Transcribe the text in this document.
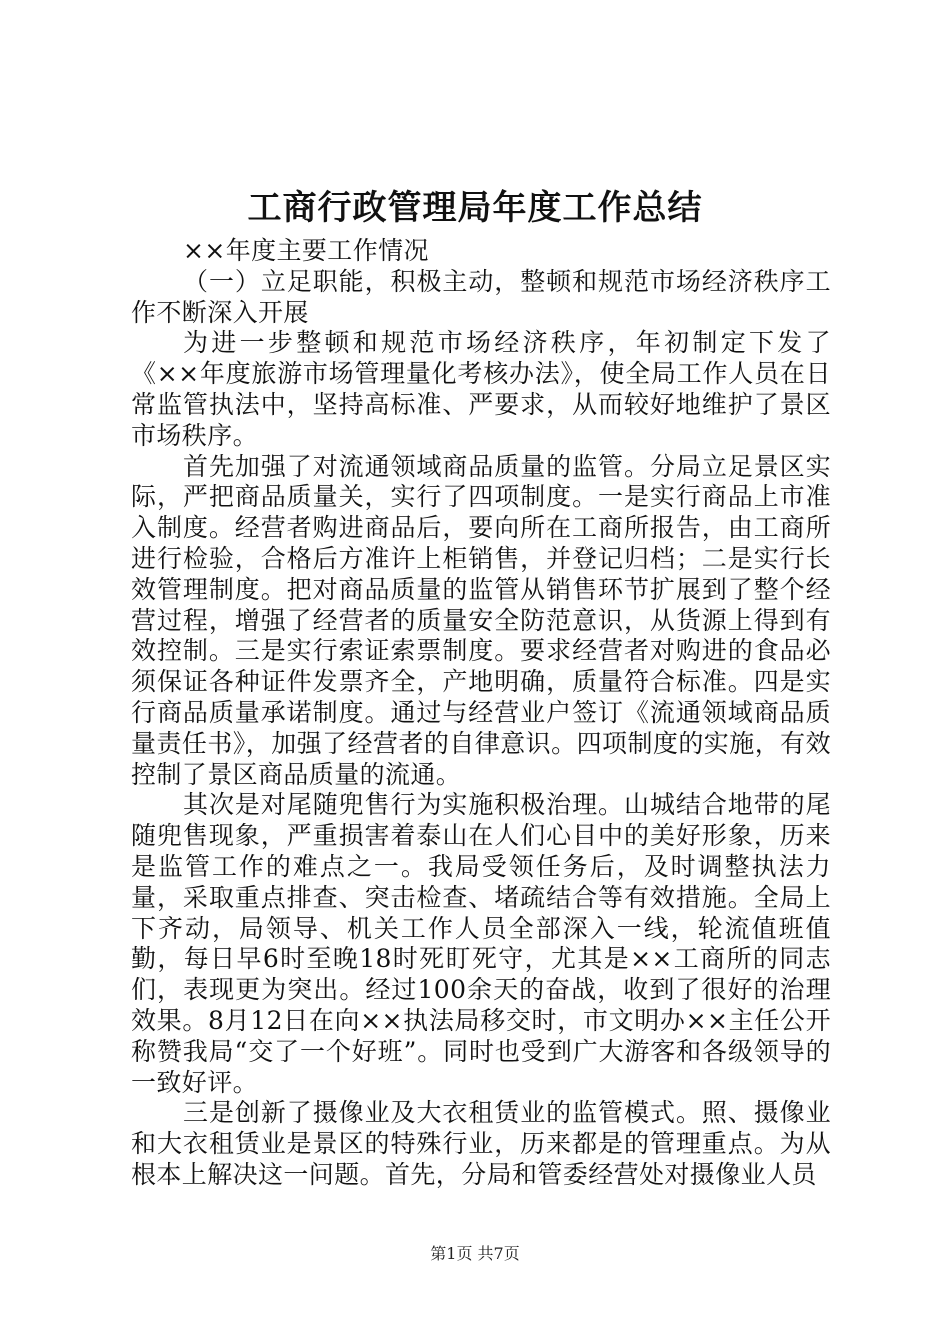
工商行政管理局年度工作总结

××年度主要工作情况

（一）立足职能，积极主动，整顿和规范市场经济秩序工作不断深入开展

为进一步整顿和规范市场经济秩序，年初制定下发了《××年度旅游市场管理量化考核办法》，使全局工作人员在日常监管执法中，坚持高标准、严要求，从而较好地维护了景区市场秩序。

首先加强了对流通领域商品质量的监管。分局立足景区实际，严把商品质量关，实行了四项制度。一是实行商品上市准入制度。经营者购进商品后，要向所在工商所报告，由工商所进行检验，合格后方准许上柜销售，并登记归档；二是实行长效管理制度。把对商品质量的监管从销售环节扩展到了整个经营过程，增强了经营者的质量安全防范意识，从货源上得到有效控制。三是实行索证索票制度。要求经营者对购进的食品必须保证各种证件发票齐全，产地明确，质量符合标准。四是实行商品质量承诺制度。通过与经营业户签订《流通领域商品质量责任书》，加强了经营者的自律意识。四项制度的实施，有效控制了景区商品质量的流通。

其次是对尾随兜售行为实施积极治理。山城结合地带的尾随兜售现象，严重损害着泰山在人们心目中的美好形象，历来是监管工作的难点之一。我局受领任务后，及时调整执法力量，采取重点排查、突击检查、堵疏结合等有效措施。全局上下齐动，局领导、机关工作人员全部深入一线，轮流值班值勤，每日早6时至晚18时死盯死守，尤其是××工商所的同志们，表现更为突出。经过100余天的奋战，收到了很好的治理效果。8月12日在向××执法局移交时，市文明办××主任公开称赞我局“交了一个好班”。同时也受到广大游客和各级领导的一致好评。

三是创新了摄像业及大衣租赁业的监管模式。照、摄像业和大衣租赁业是景区的特殊行业，历来都是的管理重点。为从根本上解决这一问题。首先，分局和管委经营处对摄像业人员

第1页 共7页
